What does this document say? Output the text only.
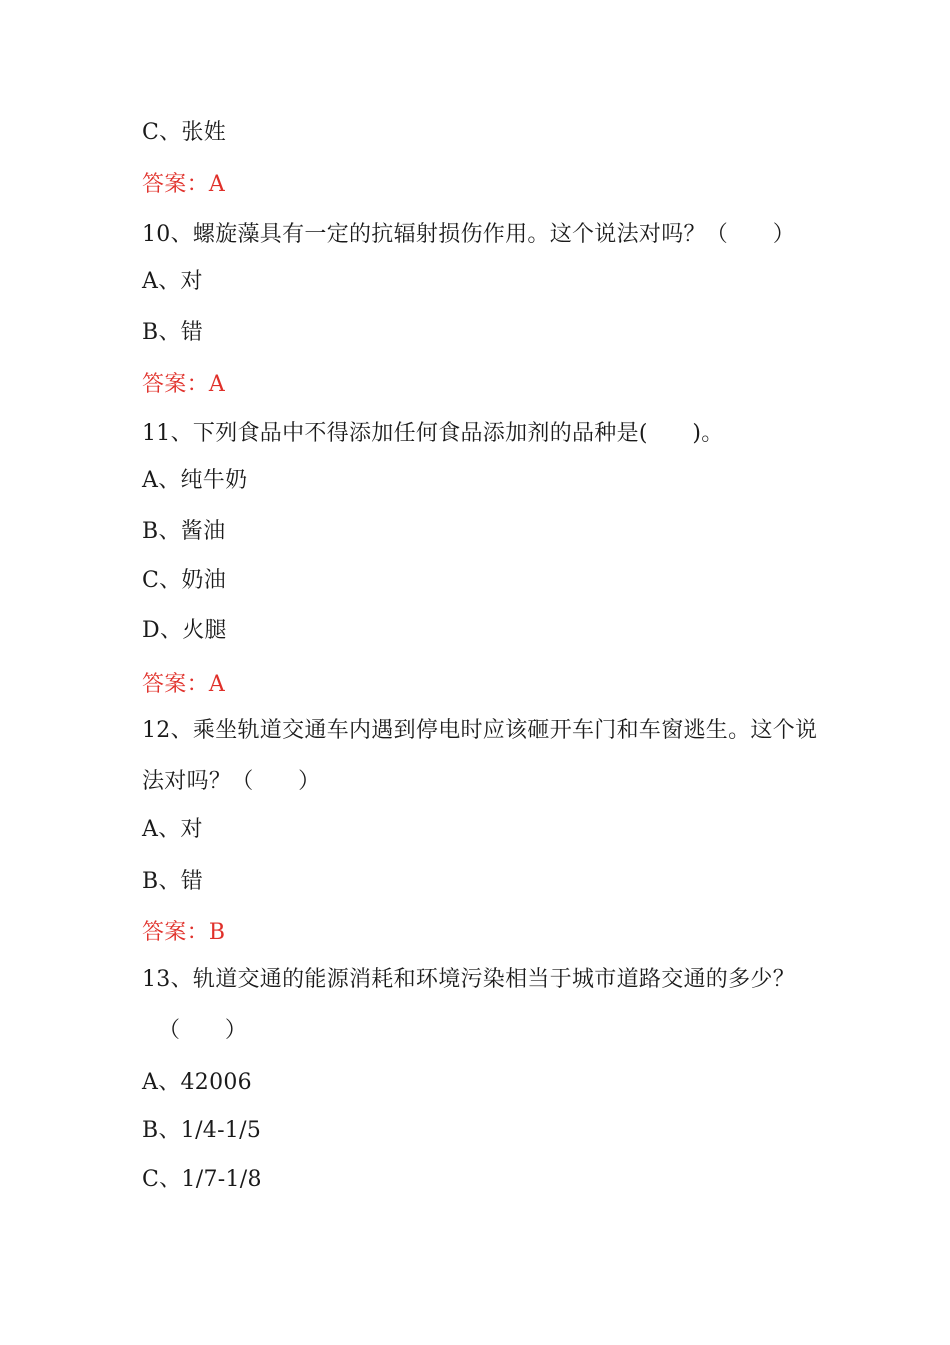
C、张姓
答案：A
10、螺旋藻具有一定的抗辐射损伤作用。这个说法对吗？（　　）
A、对
B、错
答案：A
11、下列食品中不得添加任何食品添加剂的品种是(　　)。
A、纯牛奶
B、酱油
C、奶油
D、火腿
答案：A
12、乘坐轨道交通车内遇到停电时应该砸开车门和车窗逃生。这个说
法对吗？（　　）
A、对
B、错
答案：B
13、轨道交通的能源消耗和环境污染相当于城市道路交通的多少？
（　　）
A、42006
B、1/4-1/5
C、1/7-1/8
